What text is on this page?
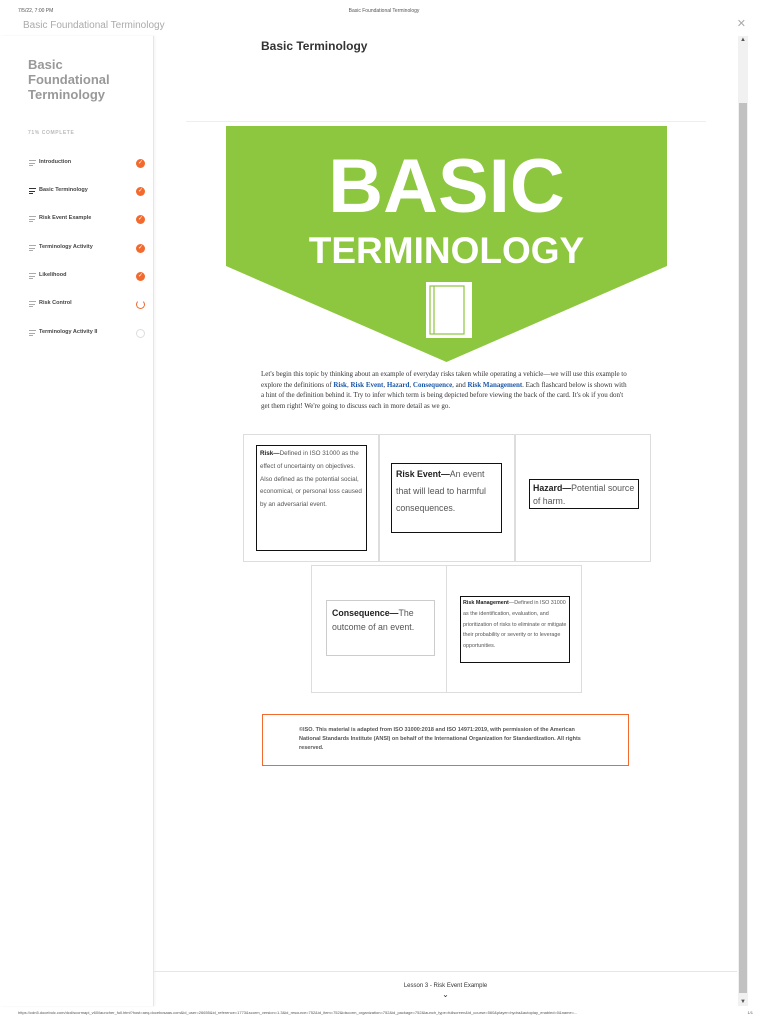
7/5/22, 7:00 PM	Basic Foundational Terminology
Basic Foundational Terminology	✕
Basic Foundational Terminology
71% COMPLETE
Introduction	✓
Basic Terminology	✓
Risk Event Example	✓
Terminology Activity	✓
Likelihood	✓
Risk Control
Terminology Activity II
Basic Terminology
BASIC
TERMINOLOGY
Let's begin this topic by thinking about an example of everyday risks taken while operating a vehicle—we will use this example to explore the definitions of Risk, Risk Event, Hazard, Consequence, and Risk Management. Each flashcard below is shown with a hint of the definition behind it. Try to infer which term is being depicted before viewing the back of the card. It's ok if you don't get them right! We're going to discuss each in more detail as we go.
Risk—Defined in ISO 31000 as the effect of uncertainty on objectives. Also defined as the potential social, economical, or personal loss caused by an adversarial event.
Risk Event—An event that will lead to harmful consequences.
Hazard—Potential source of harm.
Consequence—The outcome of an event.
Risk Management—Defined in ISO 31000 as the identification, evaluation, and prioritization of risks to eliminate or mitigate their probability or severity or to leverage opportunities.
©ISO. This material is adapted from ISO 31000:2018 and ISO 14971:2019, with permission of the American National Standards Institute (ANSI) on behalf of the International Organization for Standardization. All rights reserved.
Lesson 3 - Risk Event Example
⌄
▲
▼
https://cdn5.docebolc.com/dcd/scormapi_v60/launcher_full.html?host=aeq.docebosaas.com&id_user=26655&id_reference=1773&scorm_version=1.3&id_resource=752&id_item=752&idscorm_organization=752&id_package=752&launch_type=fullscreen&id_course=560&player=hydra&autoplay_enabled=0&name=...	1/1
